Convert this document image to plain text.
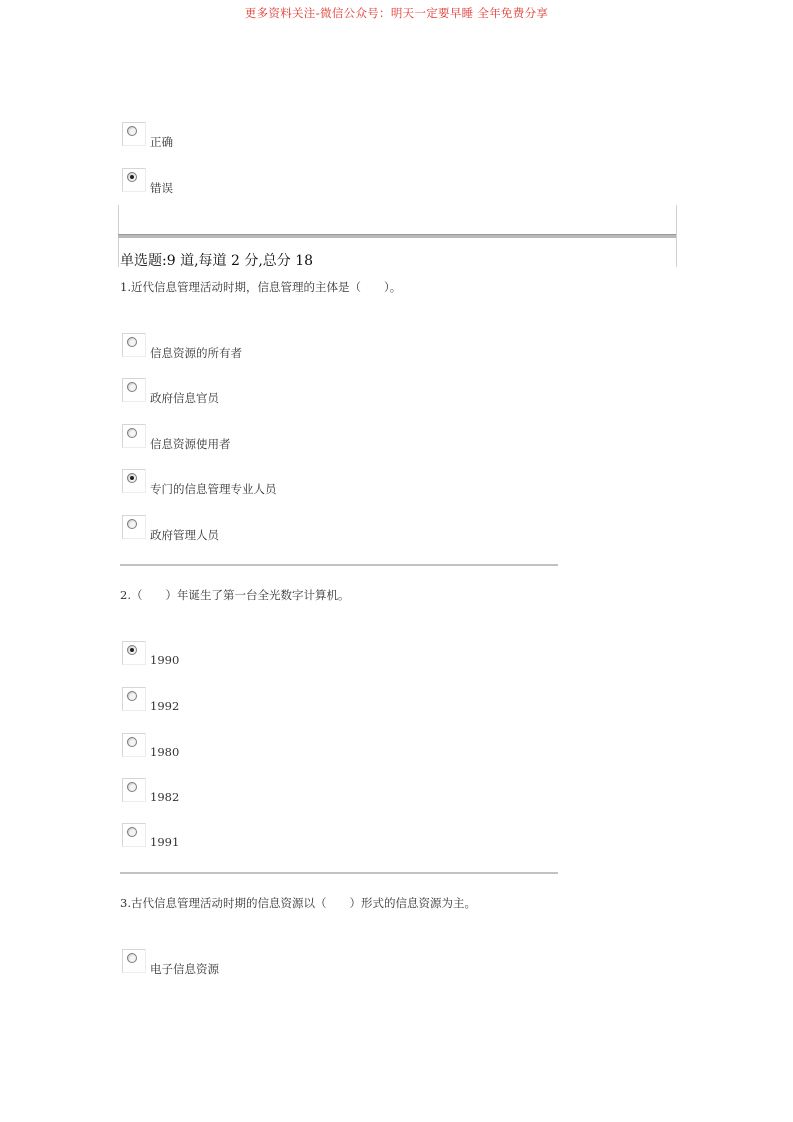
更多资料关注-微信公众号：明天一定要早睡 全年免费分享
正确
错误
单选题:9 道,每道 2 分,总分 18
1.近代信息管理活动时期，信息管理的主体是（　　）。
信息资源的所有者
政府信息官员
信息资源使用者
专门的信息管理专业人员
政府管理人员
2.（　　）年诞生了第一台全光数字计算机。
1990
1992
1980
1982
1991
3.古代信息管理活动时期的信息资源以（　　）形式的信息资源为主。
电子信息资源
